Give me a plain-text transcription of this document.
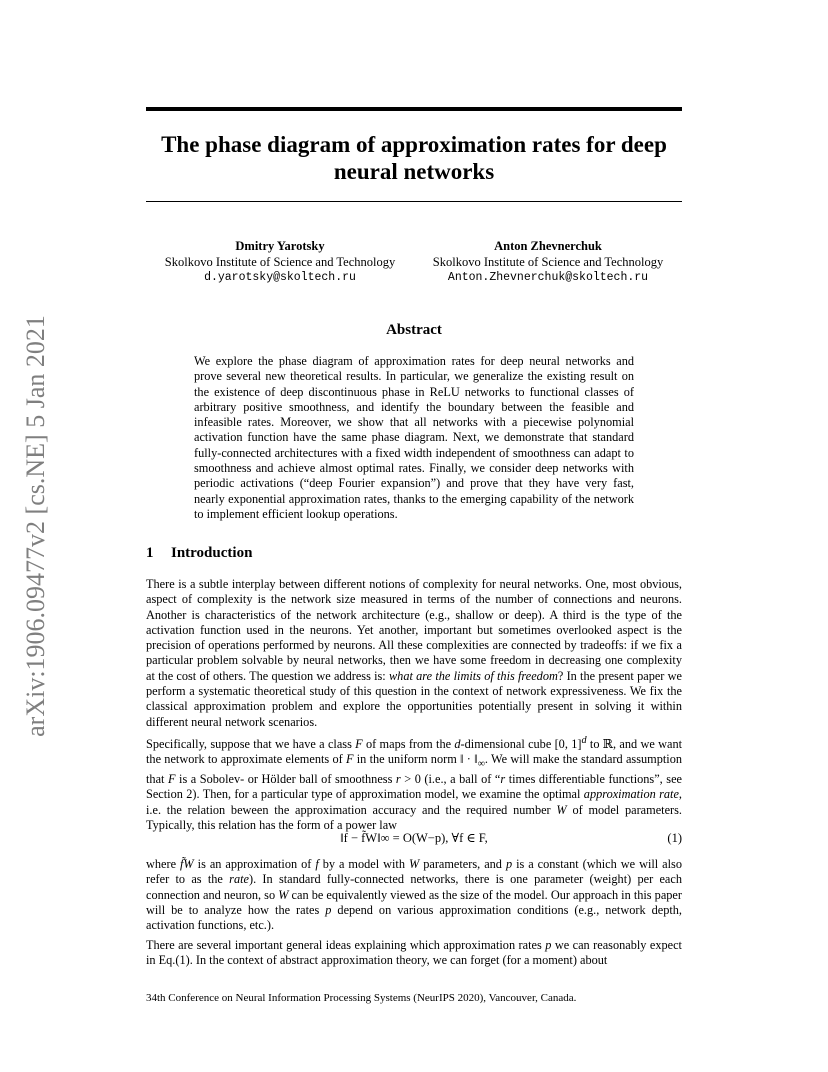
The phase diagram of approximation rates for deep neural networks
Dmitry Yarotsky
Skolkovo Institute of Science and Technology
d.yarotsky@skoltech.ru
Anton Zhevnerchuk
Skolkovo Institute of Science and Technology
Anton.Zhevnerchuk@skoltech.ru
arXiv:1906.09477v2 [cs.NE] 5 Jan 2021	Abstract

We explore the phase diagram of approximation rates for deep neural networks and prove several new theoretical results. In particular, we generalize the existing result on the existence of deep discontinuous phase in ReLU networks to functional classes of arbitrary positive smoothness, and identify the boundary between the feasible and infeasible rates. Moreover, we show that all networks with a piecewise polynomial activation function have the same phase diagram. Next, we demonstrate that standard fully-connected architectures with a fixed width independent of smoothness can adapt to smoothness and achieve almost optimal rates. Finally, we consider deep networks with periodic activations (“deep Fourier expansion”) and prove that they have very fast, nearly exponential approximation rates, thanks to the emerging capability of the network to implement efficient lookup operations.

1 Introduction

There is a subtle interplay between different notions of complexity for neural networks. One, most obvious, aspect of complexity is the network size measured in terms of the number of connections and neurons. Another is characteristics of the network architecture (e.g., shallow or deep). A third is the type of the activation function used in the neurons. Yet another, important but sometimes overlooked aspect is the precision of operations performed by neurons. All these complexities are connected by tradeoffs: if we fix a particular problem solvable by neural networks, then we have some freedom in decreasing one complexity at the cost of others. The question we address is: what are the limits of this freedom? In the present paper we perform a systematic theoretical study of this question in the context of network expressiveness. We fix the classical approximation problem and explore the opportunities potentially present in solving it within different neural network scenarios.

Specifically, suppose that we have a class F of maps from the d-dimensional cube [0, 1]$^d$ to ℝ, and we want the network to approximate elements of F in the uniform norm ‖ · $‖_\infty$. We will make the standard assumption that F is a Sobolev- or Hölder ball of smoothness r > 0 (i.e., a ball of “r times differentiable functions”, see Section 2). Then, for a particular type of approximation model, we examine the optimal approximation rate, i.e. the relation beween the approximation accuracy and the required number W of model parameters. Typically, this relation has the form of a power law

‖f − f̃W‖∞ = O(W−p), ∀f ∈ F,	(1)

where f̃W is an approximation of f by a model with W parameters, and p is a constant (which we will also refer to as the rate). In standard fully-connected networks, there is one parameter (weight) per each connection and neuron, so W can be equivalently viewed as the size of the model. Our approach in this paper will be to analyze how the rates p depend on various approximation conditions (e.g., network depth, activation functions, etc.).

There are several important general ideas explaining which approximation rates p we can reasonably expect in Eq.(1). In the context of abstract approximation theory, we can forget (for a moment) about

34th Conference on Neural Information Processing Systems (NeurIPS 2020), Vancouver, Canada.
